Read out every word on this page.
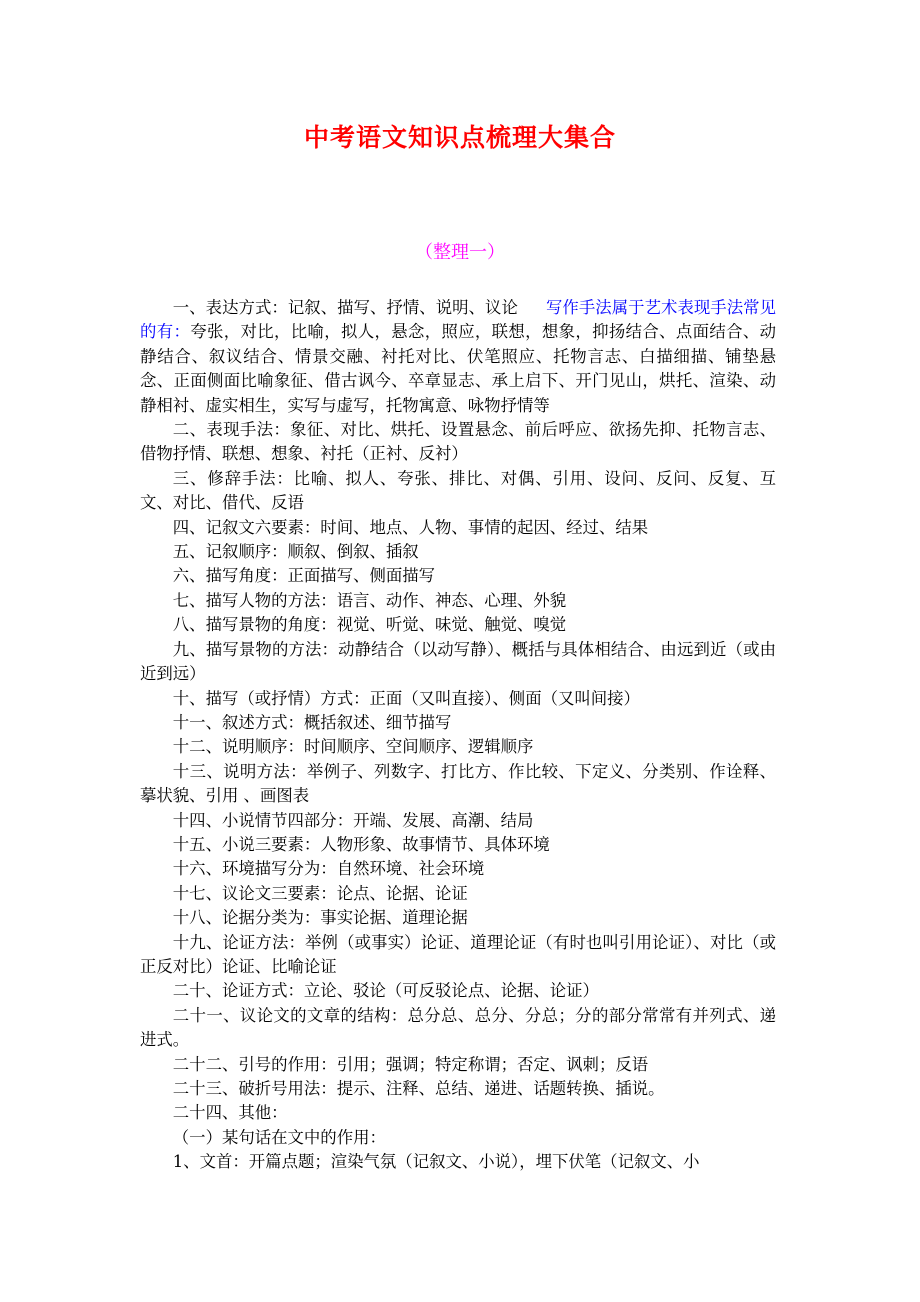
中考语文知识点梳理大集合
（整理一）

一、表达方式：记叙、描写、抒情、说明、议论 写作手法属于艺术表现手法常见的有：夸张，对比，比喻，拟人，悬念，照应，联想，想象，抑扬结合、点面结合、动静结合、叙议结合、情景交融、衬托对比、伏笔照应、托物言志、白描细描、铺垫悬念、正面侧面比喻象征、借古讽今、卒章显志、承上启下、开门见山，烘托、渲染、动静相衬、虚实相生，实写与虚写，托物寓意、咏物抒情等

二、表现手法：象征、对比、烘托、设置悬念、前后呼应、欲扬先抑、托物言志、借物抒情、联想、想象、衬托（正衬、反衬）

三、修辞手法：比喻、拟人、夸张、排比、对偶、引用、设问、反问、反复、互文、对比、借代、反语

四、记叙文六要素：时间、地点、人物、事情的起因、经过、结果

五、记叙顺序：顺叙、倒叙、插叙

六、描写角度：正面描写、侧面描写

七、描写人物的方法：语言、动作、神态、心理、外貌

八、描写景物的角度：视觉、听觉、味觉、触觉、嗅觉

九、描写景物的方法：动静结合（以动写静）、概括与具体相结合、由远到近（或由近到远）

十、描写（或抒情）方式：正面（又叫直接）、侧面（又叫间接）

十一、叙述方式：概括叙述、细节描写

十二、说明顺序：时间顺序、空间顺序、逻辑顺序

十三、说明方法：举例子、列数字、打比方、作比较、下定义、分类别、作诠释、摹状貌、引用 、画图表

十四、小说情节四部分：开端、发展、高潮、结局

十五、小说三要素：人物形象、故事情节、具体环境

十六、环境描写分为：自然环境、社会环境

十七、议论文三要素：论点、论据、论证

十八、论据分类为：事实论据、道理论据

十九、论证方法：举例（或事实）论证、道理论证（有时也叫引用论证）、对比（或正反对比）论证、比喻论证

二十、论证方式：立论、驳论（可反驳论点、论据、论证）

二十一、议论文的文章的结构：总分总、总分、分总；分的部分常常有并列式、递进式。

二十二、引号的作用：引用；强调；特定称谓；否定、讽刺；反语

二十三、破折号用法：提示、注释、总结、递进、话题转换、插说。

二十四、其他：

（一）某句话在文中的作用：

1、文首：开篇点题；渲染气氛（记叙文、小说），埋下伏笔（记叙文、小
